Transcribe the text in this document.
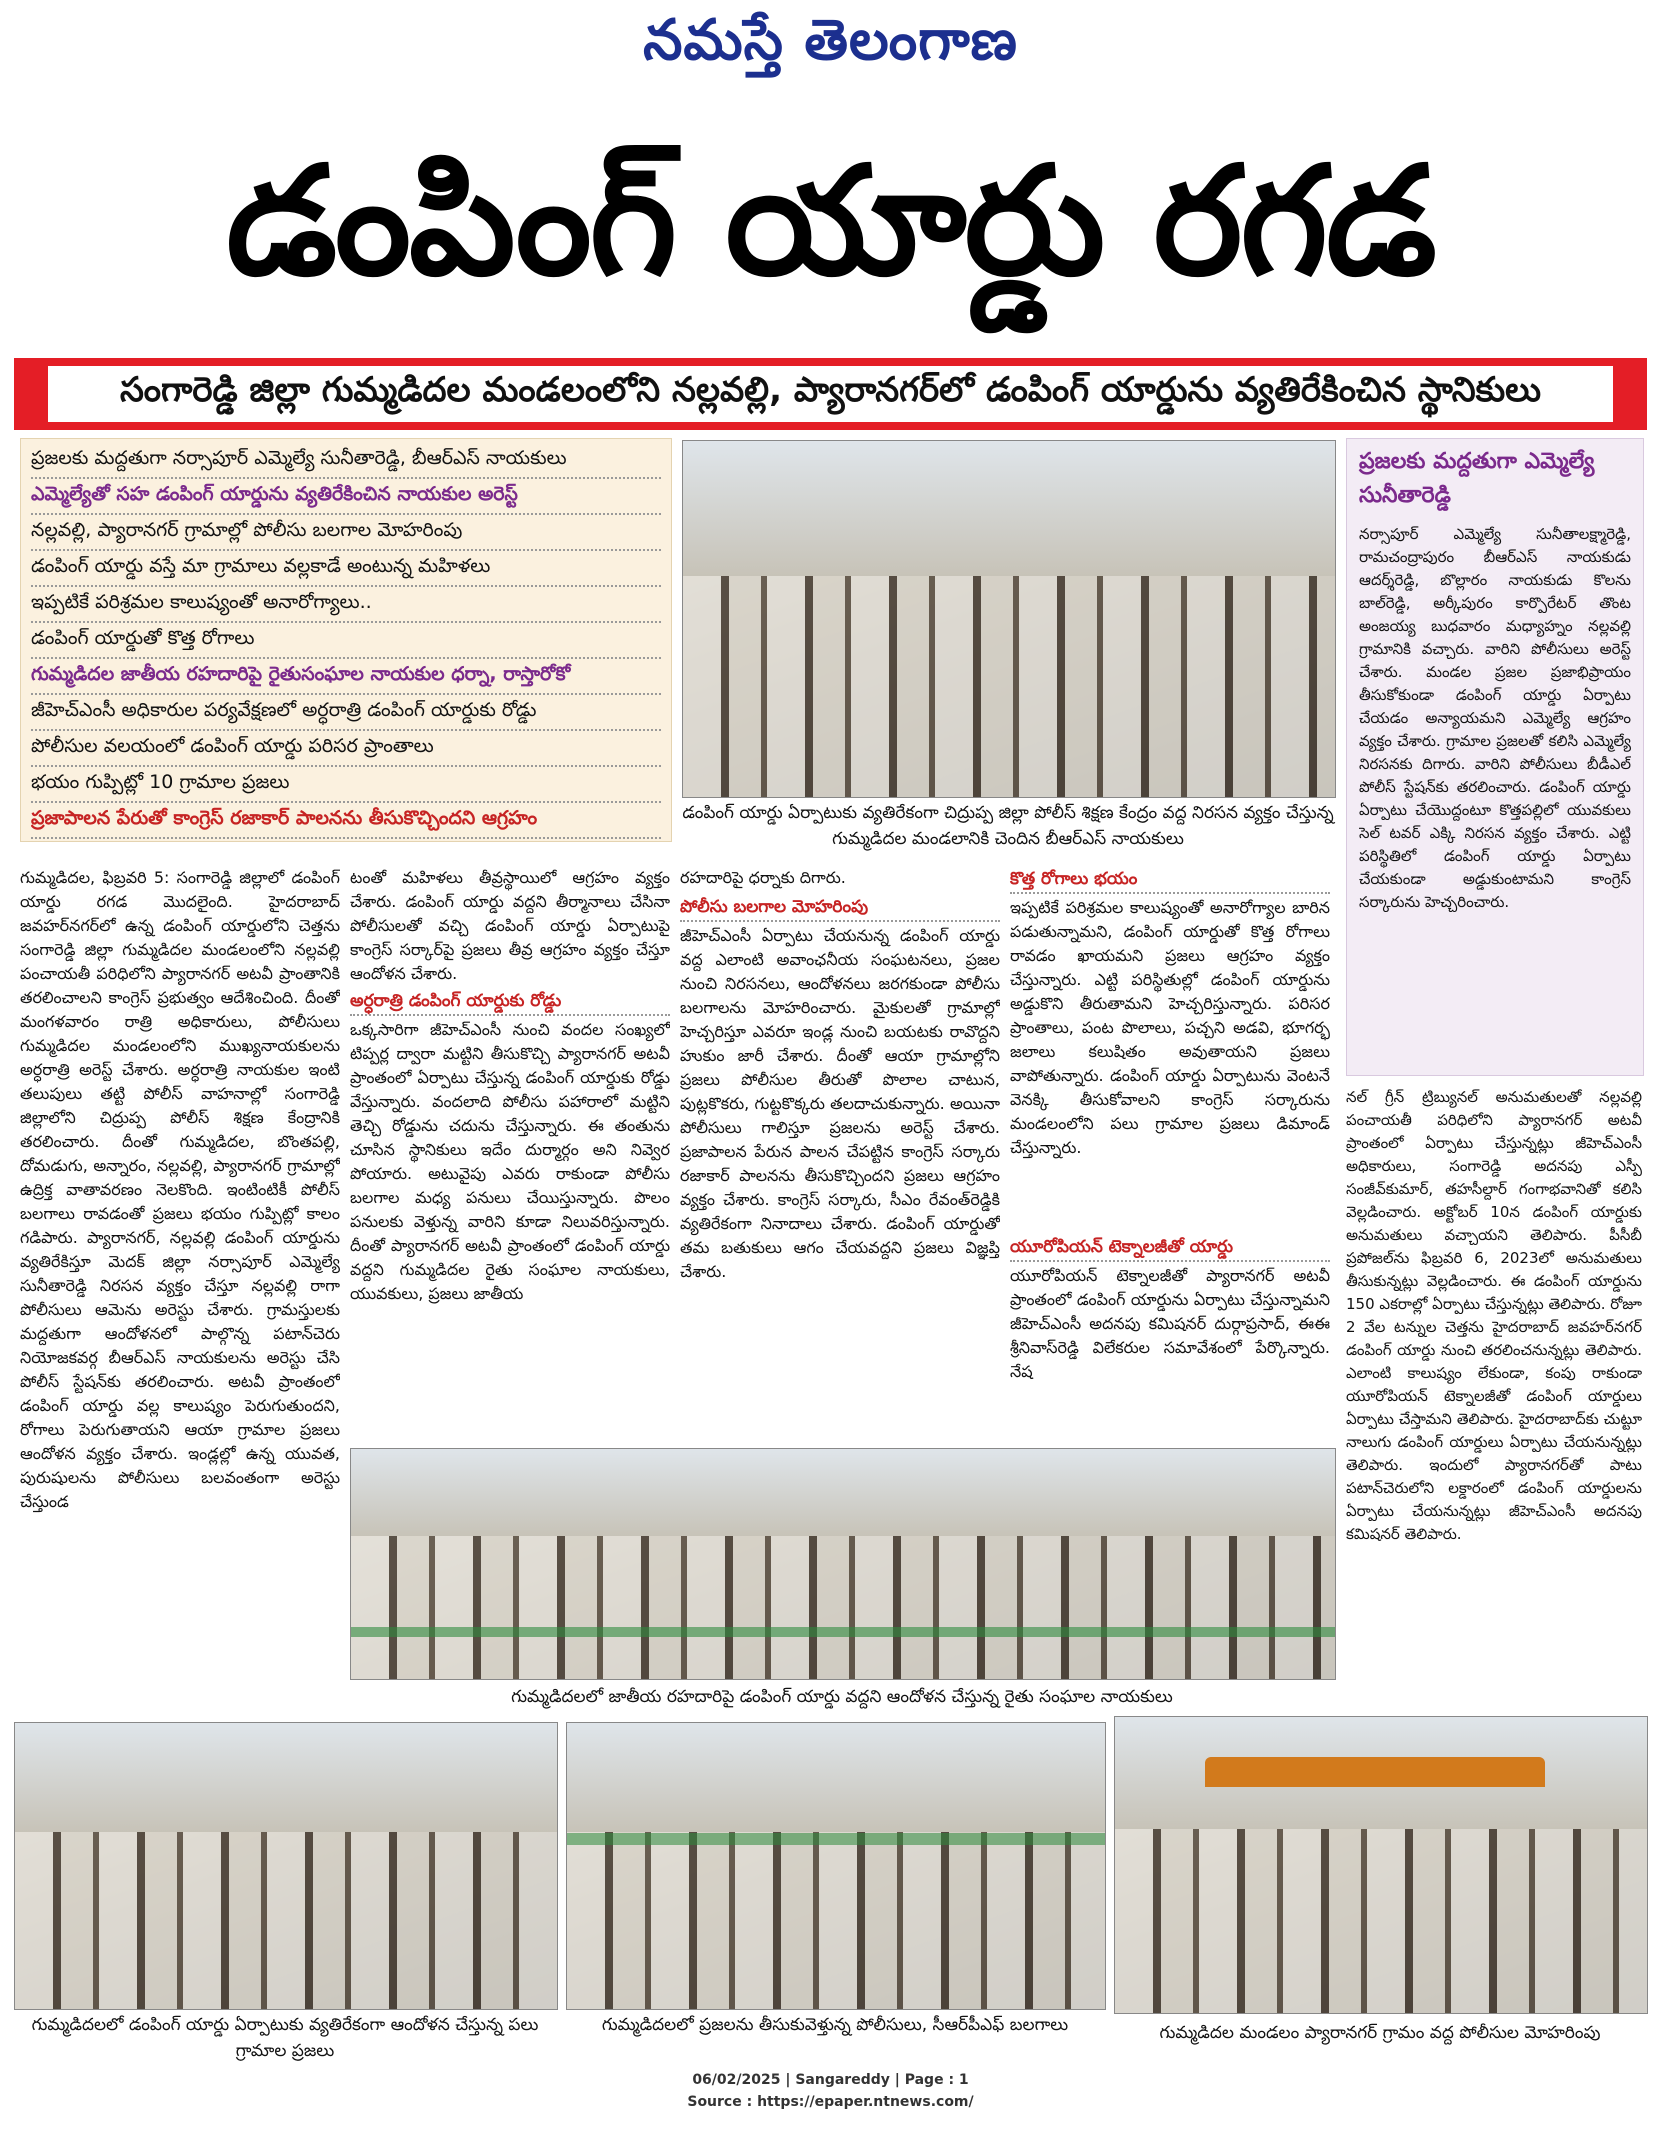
నమస్తే తెలంగాణ
డంపింగ్ యార్డు రగడ
సంగారెడ్డి జిల్లా గుమ్మడిదల మండలంలోని నల్లవల్లి, ప్యారానగర్‌లో డంపింగ్ యార్డును వ్యతిరేకించిన స్థానికులు
ప్రజలకు మద్దతుగా నర్సాపూర్ ఎమ్మెల్యే సునీతారెడ్డి, బీఆర్‌ఎస్ నాయకులు
ఎమ్మెల్యేతో సహ డంపింగ్ యార్డును వ్యతిరేకించిన నాయకుల అరెస్ట్
నల్లవల్లి, ప్యారానగర్ గ్రామాల్లో పోలీసు బలగాల మోహరింపు
డంపింగ్ యార్డు వస్తే మా గ్రామాలు వల్లకాడే అంటున్న మహిళలు
ఇప్పటికే పరిశ్రమల కాలుష్యంతో అనారోగ్యాలు..
డంపింగ్ యార్డుతో కొత్త రోగాలు
గుమ్మడిదల జాతీయ రహదారిపై రైతుసంఘాల నాయకుల ధర్నా, రాస్తారోకో
జీహెచ్‌ఎంసీ అధికారుల పర్యవేక్షణలో అర్ధరాత్రి డంపింగ్ యార్డుకు రోడ్డు
పోలీసుల వలయంలో డంపింగ్ యార్డు పరిసర ప్రాంతాలు
భయం గుప్పిట్లో 10 గ్రామాల ప్రజలు
ప్రజాపాలన పేరుతో కాంగ్రెస్ రజాకార్ పాలనను తీసుకొచ్చిందని ఆగ్రహం	డంపింగ్ యార్డు ఏర్పాటుకు వ్యతిరేకంగా చిద్రుప్ప జిల్లా పోలీస్ శిక్షణ కేంద్రం వద్ద నిరసన వ్యక్తం చేస్తున్న గుమ్మడిదల మండలానికి చెందిన బీఆర్‌ఎస్ నాయకులు
ప్రజలకు మద్దతుగా ఎమ్మెల్యే సునీతారెడ్డి
నర్సాపూర్ ఎమ్మెల్యే సునీతాలక్ష్మారెడ్డి, రామచంద్రాపురం బీఆర్‌ఎస్ నాయకుడు ఆదర్శ్‌రెడ్డి, బొల్లారం నాయకుడు కొలను బాల్‌రెడ్డి, అర్కీపురం కార్పొరేటర్ తొంట అంజయ్య బుధవారం మధ్యాహ్నం నల్లవల్లి గ్రామానికి వచ్చారు. వారిని పోలీసులు అరెస్ట్ చేశారు. మండల ప్రజల ప్రజాభిప్రాయం తీసుకోకుండా డంపింగ్ యార్డు ఏర్పాటు చేయడం అన్యాయమని ఎమ్మెల్యే ఆగ్రహం వ్యక్తం చేశారు. గ్రామాల ప్రజలతో కలిసి ఎమ్మెల్యే నిరసనకు దిగారు. వారిని పోలీసులు బీడీఎల్ పోలీస్ స్టేషన్‌కు తరలించారు. డంపింగ్ యార్డు ఏర్పాటు చేయొద్దంటూ కొత్తపల్లిలో యువకులు సెల్ టవర్ ఎక్కి నిరసన వ్యక్తం చేశారు. ఎట్టి పరిస్థితిలో డంపింగ్ యార్డు ఏర్పాటు చేయకుండా అడ్డుకుంటామని కాంగ్రెస్ సర్కారును హెచ్చరించారు.
గుమ్మడిదల, ఫిబ్రవరి 5: సంగారెడ్డి జిల్లాలో డంపింగ్ యార్డు రగడ మొదలైంది. హైదరాబాద్ జవహర్‌నగర్‌లో ఉన్న డంపింగ్ యార్డులోని చెత్తను సంగారెడ్డి జిల్లా గుమ్మడిదల మండలంలోని నల్లవల్లి పంచాయతీ పరిధిలోని ప్యారానగర్ అటవీ ప్రాంతానికి తరలించాలని కాంగ్రెస్ ప్రభుత్వం ఆదేశించింది. దీంతో మంగళవారం రాత్రి అధికారులు, పోలీసులు గుమ్మడిదల మండలంలోని ముఖ్యనాయకులను అర్ధరాత్రి అరెస్ట్ చేశారు. అర్ధరాత్రి నాయకుల ఇంటి తలుపులు తట్టి పోలీస్ వాహనాల్లో సంగారెడ్డి జిల్లాలోని చిద్రుప్ప పోలీస్ శిక్షణ కేంద్రానికి తరలించారు. దీంతో గుమ్మడిదల, బొంతపల్లి, దోమడుగు, అన్నారం, నల్లవల్లి, ప్యారానగర్ గ్రామాల్లో ఉద్రిక్త వాతావరణం నెలకొంది. ఇంటింటికీ పోలీస్ బలగాలు రావడంతో ప్రజలు భయం గుప్పిట్లో కాలం గడిపారు. ప్యారానగర్, నల్లవల్లి డంపింగ్ యార్డును వ్యతిరేకిస్తూ మెదక్ జిల్లా నర్సాపూర్ ఎమ్మెల్యే సునీతారెడ్డి నిరసన వ్యక్తం చేస్తూ నల్లవల్లి రాగా పోలీసులు ఆమెను అరెస్టు చేశారు. గ్రామస్తులకు మద్దతుగా ఆందోళనలో పాల్గొన్న పటాన్‌చెరు నియోజకవర్గ బీఆర్‌ఎస్ నాయకులను అరెస్టు చేసి పోలీస్ స్టేషన్‌కు తరలించారు. అటవీ ప్రాంతంలో డంపింగ్ యార్డు వల్ల కాలుష్యం పెరుగుతుందని, రోగాలు పెరుగుతాయని ఆయా గ్రామాల ప్రజలు ఆందోళన వ్యక్తం చేశారు. ఇండ్లల్లో ఉన్న యువత, పురుషులను పోలీసులు బలవంతంగా అరెస్టు చేస్తుండ
టంతో మహిళలు తీవ్రస్థాయిలో ఆగ్రహం వ్యక్తం చేశారు. డంపింగ్ యార్డు వద్దని తీర్మానాలు చేసినా పోలీసులతో వచ్చి డంపింగ్ యార్డు ఏర్పాటుపై కాంగ్రెస్ సర్కార్‌పై ప్రజలు తీవ్ర ఆగ్రహం వ్యక్తం చేస్తూ ఆందోళన చేశారు.
అర్ధరాత్రి డంపింగ్ యార్డుకు రోడ్డు
ఒక్కసారిగా జీహెచ్‌ఎంసీ నుంచి వందల సంఖ్యలో టిప్పర్ల ద్వారా మట్టిని తీసుకొచ్చి ప్యారానగర్ అటవీ ప్రాంతంలో ఏర్పాటు చేస్తున్న డంపింగ్ యార్డుకు రోడ్డు వేస్తున్నారు. వందలాది పోలీసు పహారాలో మట్టిని తెచ్చి రోడ్డును చదును చేస్తున్నారు. ఈ తంతును చూసిన స్థానికులు ఇదేం దుర్మార్గం అని నివ్వెర పోయారు. అటువైపు ఎవరు రాకుండా పోలీసు బలగాల మధ్య పనులు చేయిస్తున్నారు. పొలం పనులకు వెళ్తున్న వారిని కూడా నిలువరిస్తున్నారు. దీంతో ప్యారానగర్ అటవీ ప్రాంతంలో డంపింగ్ యార్డు వద్దని గుమ్మడిదల రైతు సంఘాల నాయకులు, యువకులు, ప్రజలు జాతీయ
రహదారిపై ధర్నాకు దిగారు.
పోలీసు బలగాల మోహరింపు
జీహెచ్‌ఎంసీ ఏర్పాటు చేయనున్న డంపింగ్ యార్డు వద్ద ఎలాంటి అవాంఛనీయ సంఘటనలు, ప్రజల నుంచి నిరసనలు, ఆందోళనలు జరగకుండా పోలీసు బలగాలను మోహరించారు. మైకులతో గ్రామాల్లో హెచ్చరిస్తూ ఎవరూ ఇండ్ల నుంచి బయటకు రావొద్దని హుకుం జారీ చేశారు. దీంతో ఆయా గ్రామాల్లోని ప్రజలు పోలీసుల తీరుతో పొలాల చాటున, పుట్లకొకరు, గుట్టకొక్కరు తలదాచుకున్నారు. అయినా పోలీసులు గాలిస్తూ ప్రజలను అరెస్ట్ చేశారు. ప్రజాపాలన పేరున పాలన చేపట్టిన కాంగ్రెస్ సర్కారు రజాకార్ పాలనను తీసుకొచ్చిందని ప్రజలు ఆగ్రహం వ్యక్తం చేశారు. కాంగ్రెస్ సర్కారు, సీఎం రేవంత్‌రెడ్డికి వ్యతిరేకంగా నినాదాలు చేశారు. డంపింగ్ యార్డుతో తమ బతుకులు ఆగం చేయవద్దని ప్రజలు విజ్ఞప్తి చేశారు.
కొత్త రోగాలు భయం
ఇప్పటికే పరిశ్రమల కాలుష్యంతో అనారోగ్యాల బారిన పడుతున్నామని, డంపింగ్ యార్డుతో కొత్త రోగాలు రావడం ఖాయమని ప్రజలు ఆగ్రహం వ్యక్తం చేస్తున్నారు. ఎట్టి పరిస్థితుల్లో డంపింగ్ యార్డును అడ్డుకొని తీరుతామని హెచ్చరిస్తున్నారు. పరిసర ప్రాంతాలు, పంట పొలాలు, పచ్చని అడవి, భూగర్భ జలాలు కలుషితం అవుతాయని ప్రజలు వాపోతున్నారు. డంపింగ్ యార్డు ఏర్పాటును వెంటనే వెనక్కి తీసుకోవాలని కాంగ్రెస్ సర్కారును మండలంలోని పలు గ్రామాల ప్రజలు డిమాండ్ చేస్తున్నారు.
యూరోపియన్ టెక్నాలజీతో యార్డు
యూరోపియన్ టెక్నాలజీతో ప్యారానగర్ అటవీ ప్రాంతంలో డంపింగ్ యార్డును ఏర్పాటు చేస్తున్నామని జీహెచ్‌ఎంసీ అదనపు కమిషనర్ దుర్గాప్రసాద్, ఈఈ శ్రీనివాస్‌రెడ్డి విలేకరుల సమావేశంలో పేర్కొన్నారు. నేష
నల్ గ్రీన్ ట్రిబ్యునల్ అనుమతులతో నల్లవల్లి పంచాయతీ పరిధిలోని ప్యారానగర్ అటవీ ప్రాంతంలో ఏర్పాటు చేస్తున్నట్లు జీహెచ్‌ఎంసీ అధికారులు, సంగారెడ్డి అదనపు ఎస్పీ సంజీవ్‌కుమార్, తహసీల్దార్ గంగాభవానితో కలిసి వెల్లడించారు. అక్టోబర్ 10న డంపింగ్ యార్డుకు అనుమతులు వచ్చాయని తెలిపారు. పీసీబీ ప్రపోజల్‌ను ఫిబ్రవరి 6, 2023లో అనుమతులు తీసుకున్నట్లు వెల్లడించారు. ఈ డంపింగ్ యార్డును 150 ఎకరాల్లో ఏర్పాటు చేస్తున్నట్లు తెలిపారు. రోజూ 2 వేల టన్నుల చెత్తను హైదరాబాద్ జవహర్‌నగర్ డంపింగ్ యార్డు నుంచి తరలించనున్నట్లు తెలిపారు. ఎలాంటి కాలుష్యం లేకుండా, కంపు రాకుండా యూరోపియన్ టెక్నాలజీతో డంపింగ్ యార్డులు ఏర్పాటు చేస్తామని తెలిపారు. హైదరాబాద్‌కు చుట్టూ నాలుగు డంపింగ్ యార్డులు ఏర్పాటు చేయనున్నట్లు తెలిపారు. ఇందులో ప్యారానగర్‌తో పాటు పటాన్‌చెరులోని లక్డారంలో డంపింగ్ యార్డులను ఏర్పాటు చేయనున్నట్లు జీహెచ్‌ఎంసీ అదనపు కమిషనర్ తెలిపారు.
గుమ్మడిదలలో జాతీయ రహదారిపై డంపింగ్ యార్డు వద్దని ఆందోళన చేస్తున్న రైతు సంఘాల నాయకులు
గుమ్మడిదలలో డంపింగ్ యార్డు ఏర్పాటుకు వ్యతిరేకంగా ఆందోళన చేస్తున్న పలు గ్రామాల ప్రజలు
గుమ్మడిదలలో ప్రజలను తీసుకువెళ్తున్న పోలీసులు, సీఆర్‌పీఎఫ్ బలగాలు	గుమ్మడిదల మండలం ప్యారానగర్ గ్రామం వద్ద పోలీసుల మోహరింపు
06/02/2025 | Sangareddy | Page : 1
Source : https://epaper.ntnews.com/
